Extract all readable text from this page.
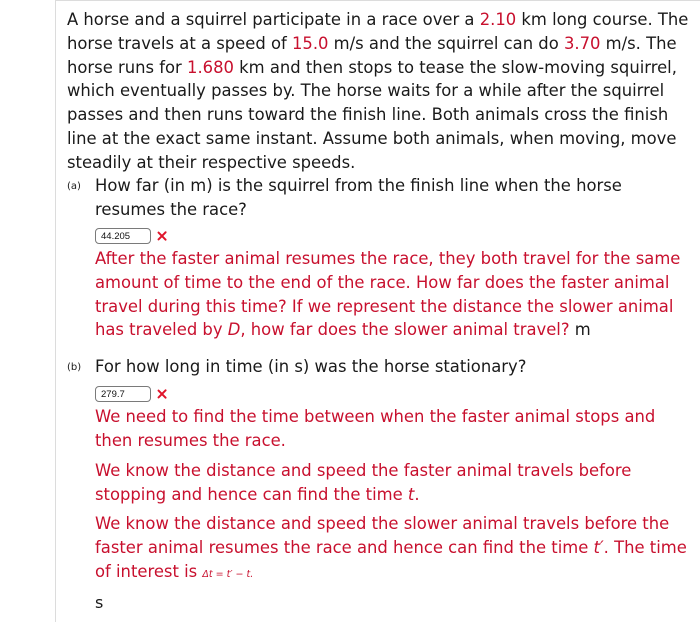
A horse and a squirrel participate in a race over a 2.10 km long course. The horse travels at a speed of 15.0 m/s and the squirrel can do 3.70 m/s. The horse runs for 1.680 km and then stops to tease the slow-moving squirrel, which eventually passes by. The horse waits for a while after the squirrel passes and then runs toward the finish line. Both animals cross the finish line at the exact same instant. Assume both animals, when moving, move steadily at their respective speeds.
(a) How far (in m) is the squirrel from the finish line when the horse resumes the race?
44.205
After the faster animal resumes the race, they both travel for the same amount of time to the end of the race. How far does the faster animal travel during this time? If we represent the distance the slower animal has traveled by D, how far does the slower animal travel? m
(b) For how long in time (in s) was the horse stationary?
279.7
We need to find the time between when the faster animal stops and then resumes the race.
We know the distance and speed the faster animal travels before stopping and hence can find the time t.
We know the distance and speed the slower animal travels before the faster animal resumes the race and hence can find the time t′. The time of interest is Δt = t′ − t.
s
